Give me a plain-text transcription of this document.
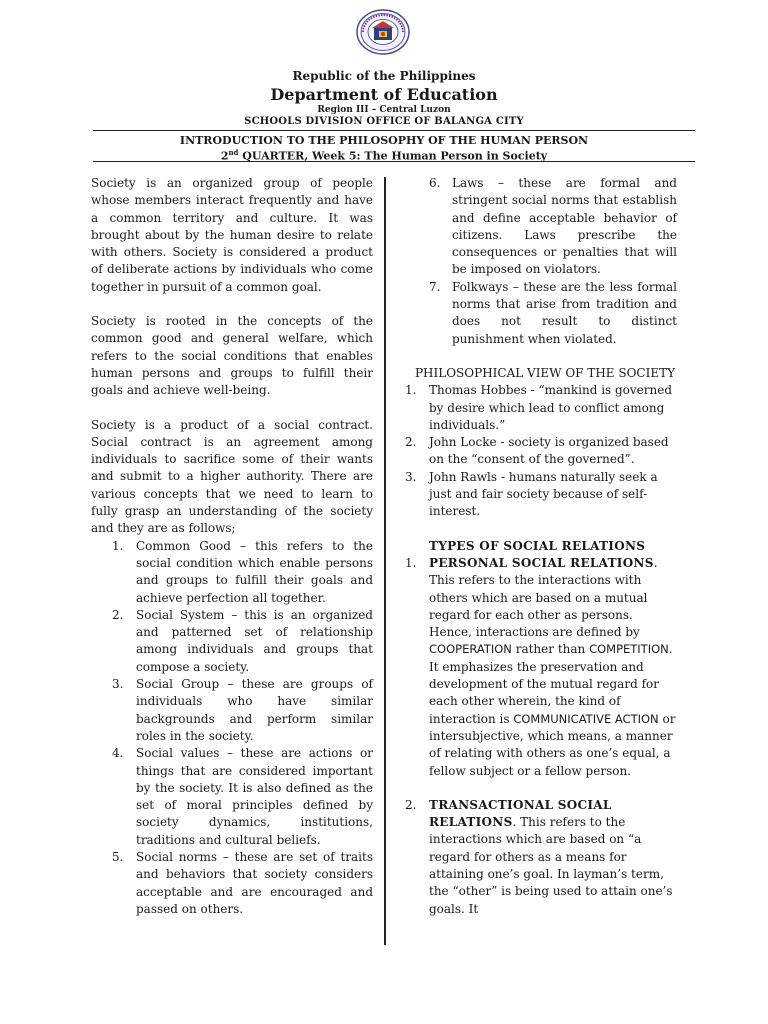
Republic of the Philippines
Department of Education
Region III – Central Luzon
SCHOOLS DIVISION OFFICE OF BALANGA CITY
INTRODUCTION TO THE PHILOSOPHY OF THE HUMAN PERSON
2nd QUARTER, Week 5: The Human Person in Society

Society is an organized group of people whose members interact frequently and have a common territory and culture. It was brought about by the human desire to relate with others. Society is considered a product of deliberate actions by individuals who come together in pursuit of a common goal.

Society is rooted in the concepts of the common good and general welfare, which refers to the social conditions that enables human persons and groups to fulfill their goals and achieve well-being.

Society is a product of a social contract. Social contract is an agreement among individuals to sacrifice some of their wants and submit to a higher authority. There are various concepts that we need to learn to fully grasp an understanding of the society and they are as follows;

1. Common Good – this refers to the social condition which enable persons and groups to fulfill their goals and achieve perfection all together.
2. Social System – this is an organized and patterned set of relationship among individuals and groups that compose a society.
3. Social Group – these are groups of individuals who have similar backgrounds and perform similar roles in the society.
4. Social values – these are actions or things that are considered important by the society. It is also defined as the set of moral principles defined by society dynamics, institutions, traditions and cultural beliefs.
5. Social norms – these are set of traits and behaviors that society considers acceptable and are encouraged and passed on others.
6. Laws – these are formal and stringent social norms that establish and define acceptable behavior of citizens. Laws prescribe the consequences or penalties that will be imposed on violators.
7. Folkways – these are the less formal norms that arise from tradition and does not result to distinct punishment when violated.

PHILOSOPHICAL VIEW OF THE SOCIETY

1. Thomas Hobbes - “mankind is governed by desire which lead to conflict among individuals.”
2. John Locke - society is organized based on the “consent of the governed”.
3. John Rawls - humans naturally seek a just and fair society because of self-interest.

TYPES OF SOCIAL RELATIONS

1. PERSONAL SOCIAL RELATIONS. This refers to the interactions with others which are based on a mutual regard for each other as persons. Hence, interactions are defined by COOPERATION rather than COMPETITION. It emphasizes the preservation and development of the mutual regard for each other wherein, the kind of interaction is COMMUNICATIVE ACTION or intersubjective, which means, a manner of relating with others as one’s equal, a fellow subject or a fellow person.
2. TRANSACTIONAL SOCIAL RELATIONS. This refers to the interactions which are based on “a regard for others as a means for attaining one’s goal. In layman’s term, the “other” is being used to attain one’s goals. It
